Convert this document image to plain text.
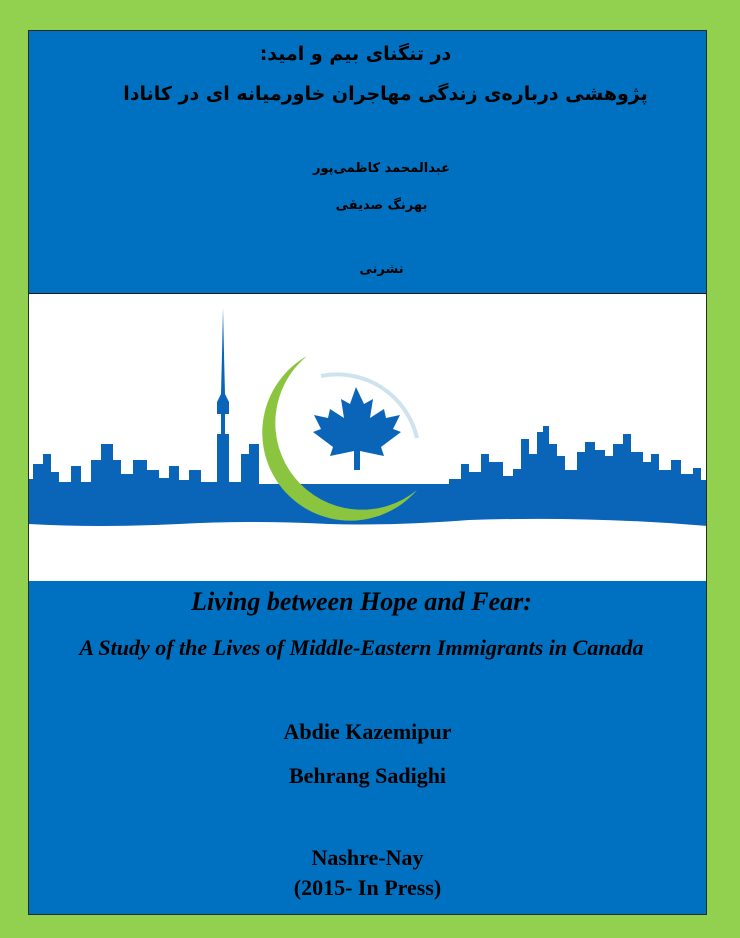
در تنگنای بیم و امید:
پژوهشی درباره‌ی زندگی مهاجران خاورمیانه ای در کانادا
عبدالمحمد کاظمی‌پور
بهرنگ صدیقی
نشرنی
Living between Hope and Fear:
A Study of the Lives of Middle-Eastern Immigrants in Canada
Abdie Kazemipur
Behrang Sadighi
Nashre-Nay
(2015- In Press)
